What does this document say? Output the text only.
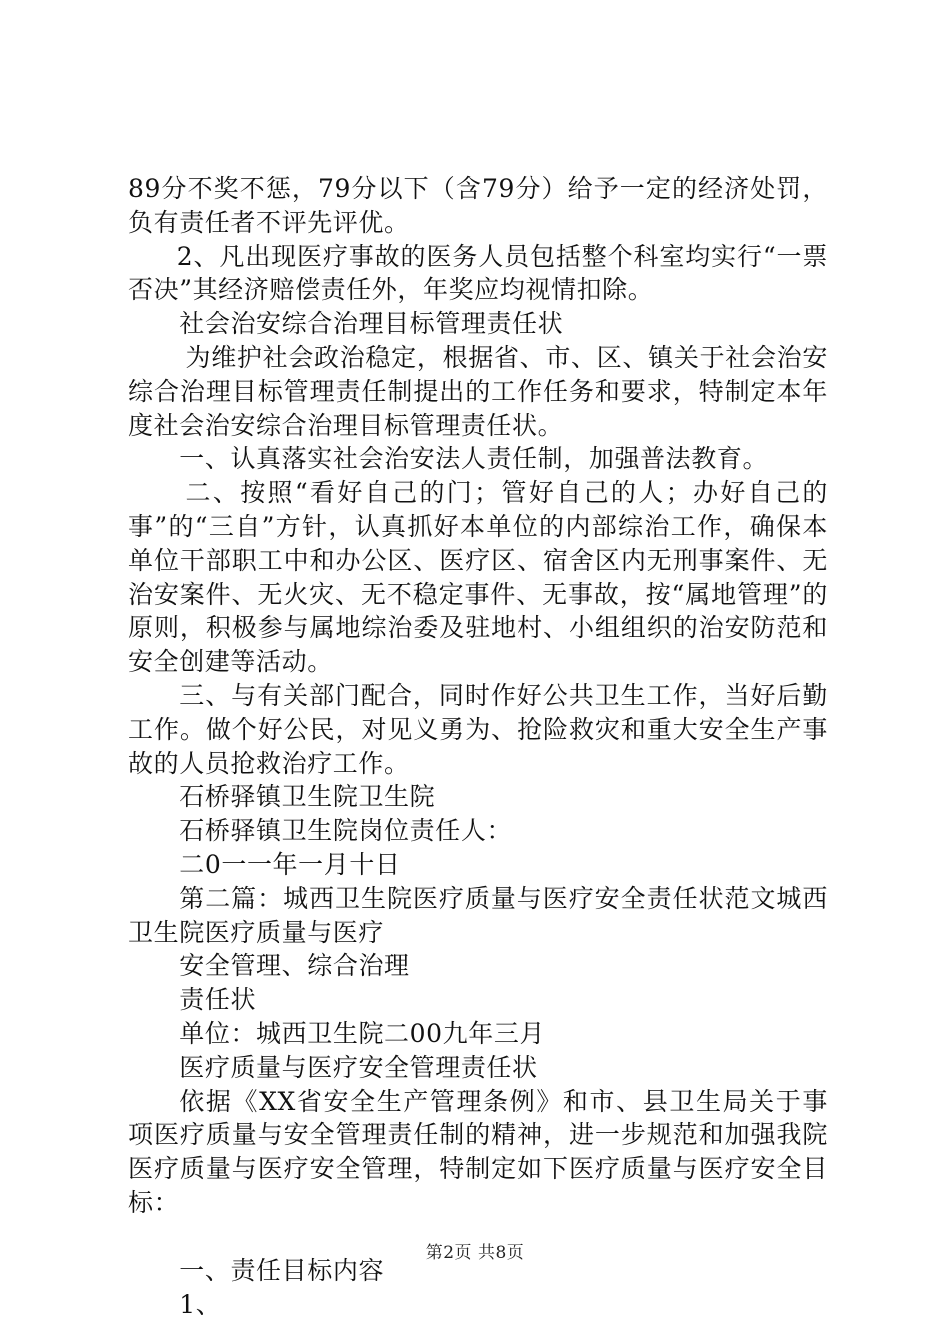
89分不奖不惩，79分以下（含79分）给予一定的经济处罚，负有责任者不评先评优。

2、凡出现医疗事故的医务人员包括整个科室均实行“一票否决”其经济赔偿责任外，年奖应均视情扣除。

社会治安综合治理目标管理责任状

为维护社会政治稳定，根据省、市、区、镇关于社会治安综合治理目标管理责任制提出的工作任务和要求，特制定本年度社会治安综合治理目标管理责任状。

一、认真落实社会治安法人责任制，加强普法教育。

二、按照“看好自己的门；管好自己的人；办好自己的事”的“三自”方针，认真抓好本单位的内部综治工作，确保本单位干部职工中和办公区、医疗区、宿舍区内无刑事案件、无治安案件、无火灾、无不稳定事件、无事故，按“属地管理”的原则，积极参与属地综治委及驻地村、小组组织的治安防范和安全创建等活动。

三、与有关部门配合，同时作好公共卫生工作，当好后勤工作。做个好公民，对见义勇为、抢险救灾和重大安全生产事故的人员抢救治疗工作。

石桥驿镇卫生院卫生院

石桥驿镇卫生院岗位责任人：

二0一一年一月十日

第二篇：城西卫生院医疗质量与医疗安全责任状范文城西卫生院医疗质量与医疗

安全管理、综合治理

责任状

单位：城西卫生院二00九年三月

医疗质量与医疗安全管理责任状

依据《XX省安全生产管理条例》和市、县卫生局关于事项医疗质量与安全管理责任制的精神，进一步规范和加强我院医疗质量与医疗安全管理，特制定如下医疗质量与医疗安全目标：

一、责任目标内容

1、

第2页 共8页
